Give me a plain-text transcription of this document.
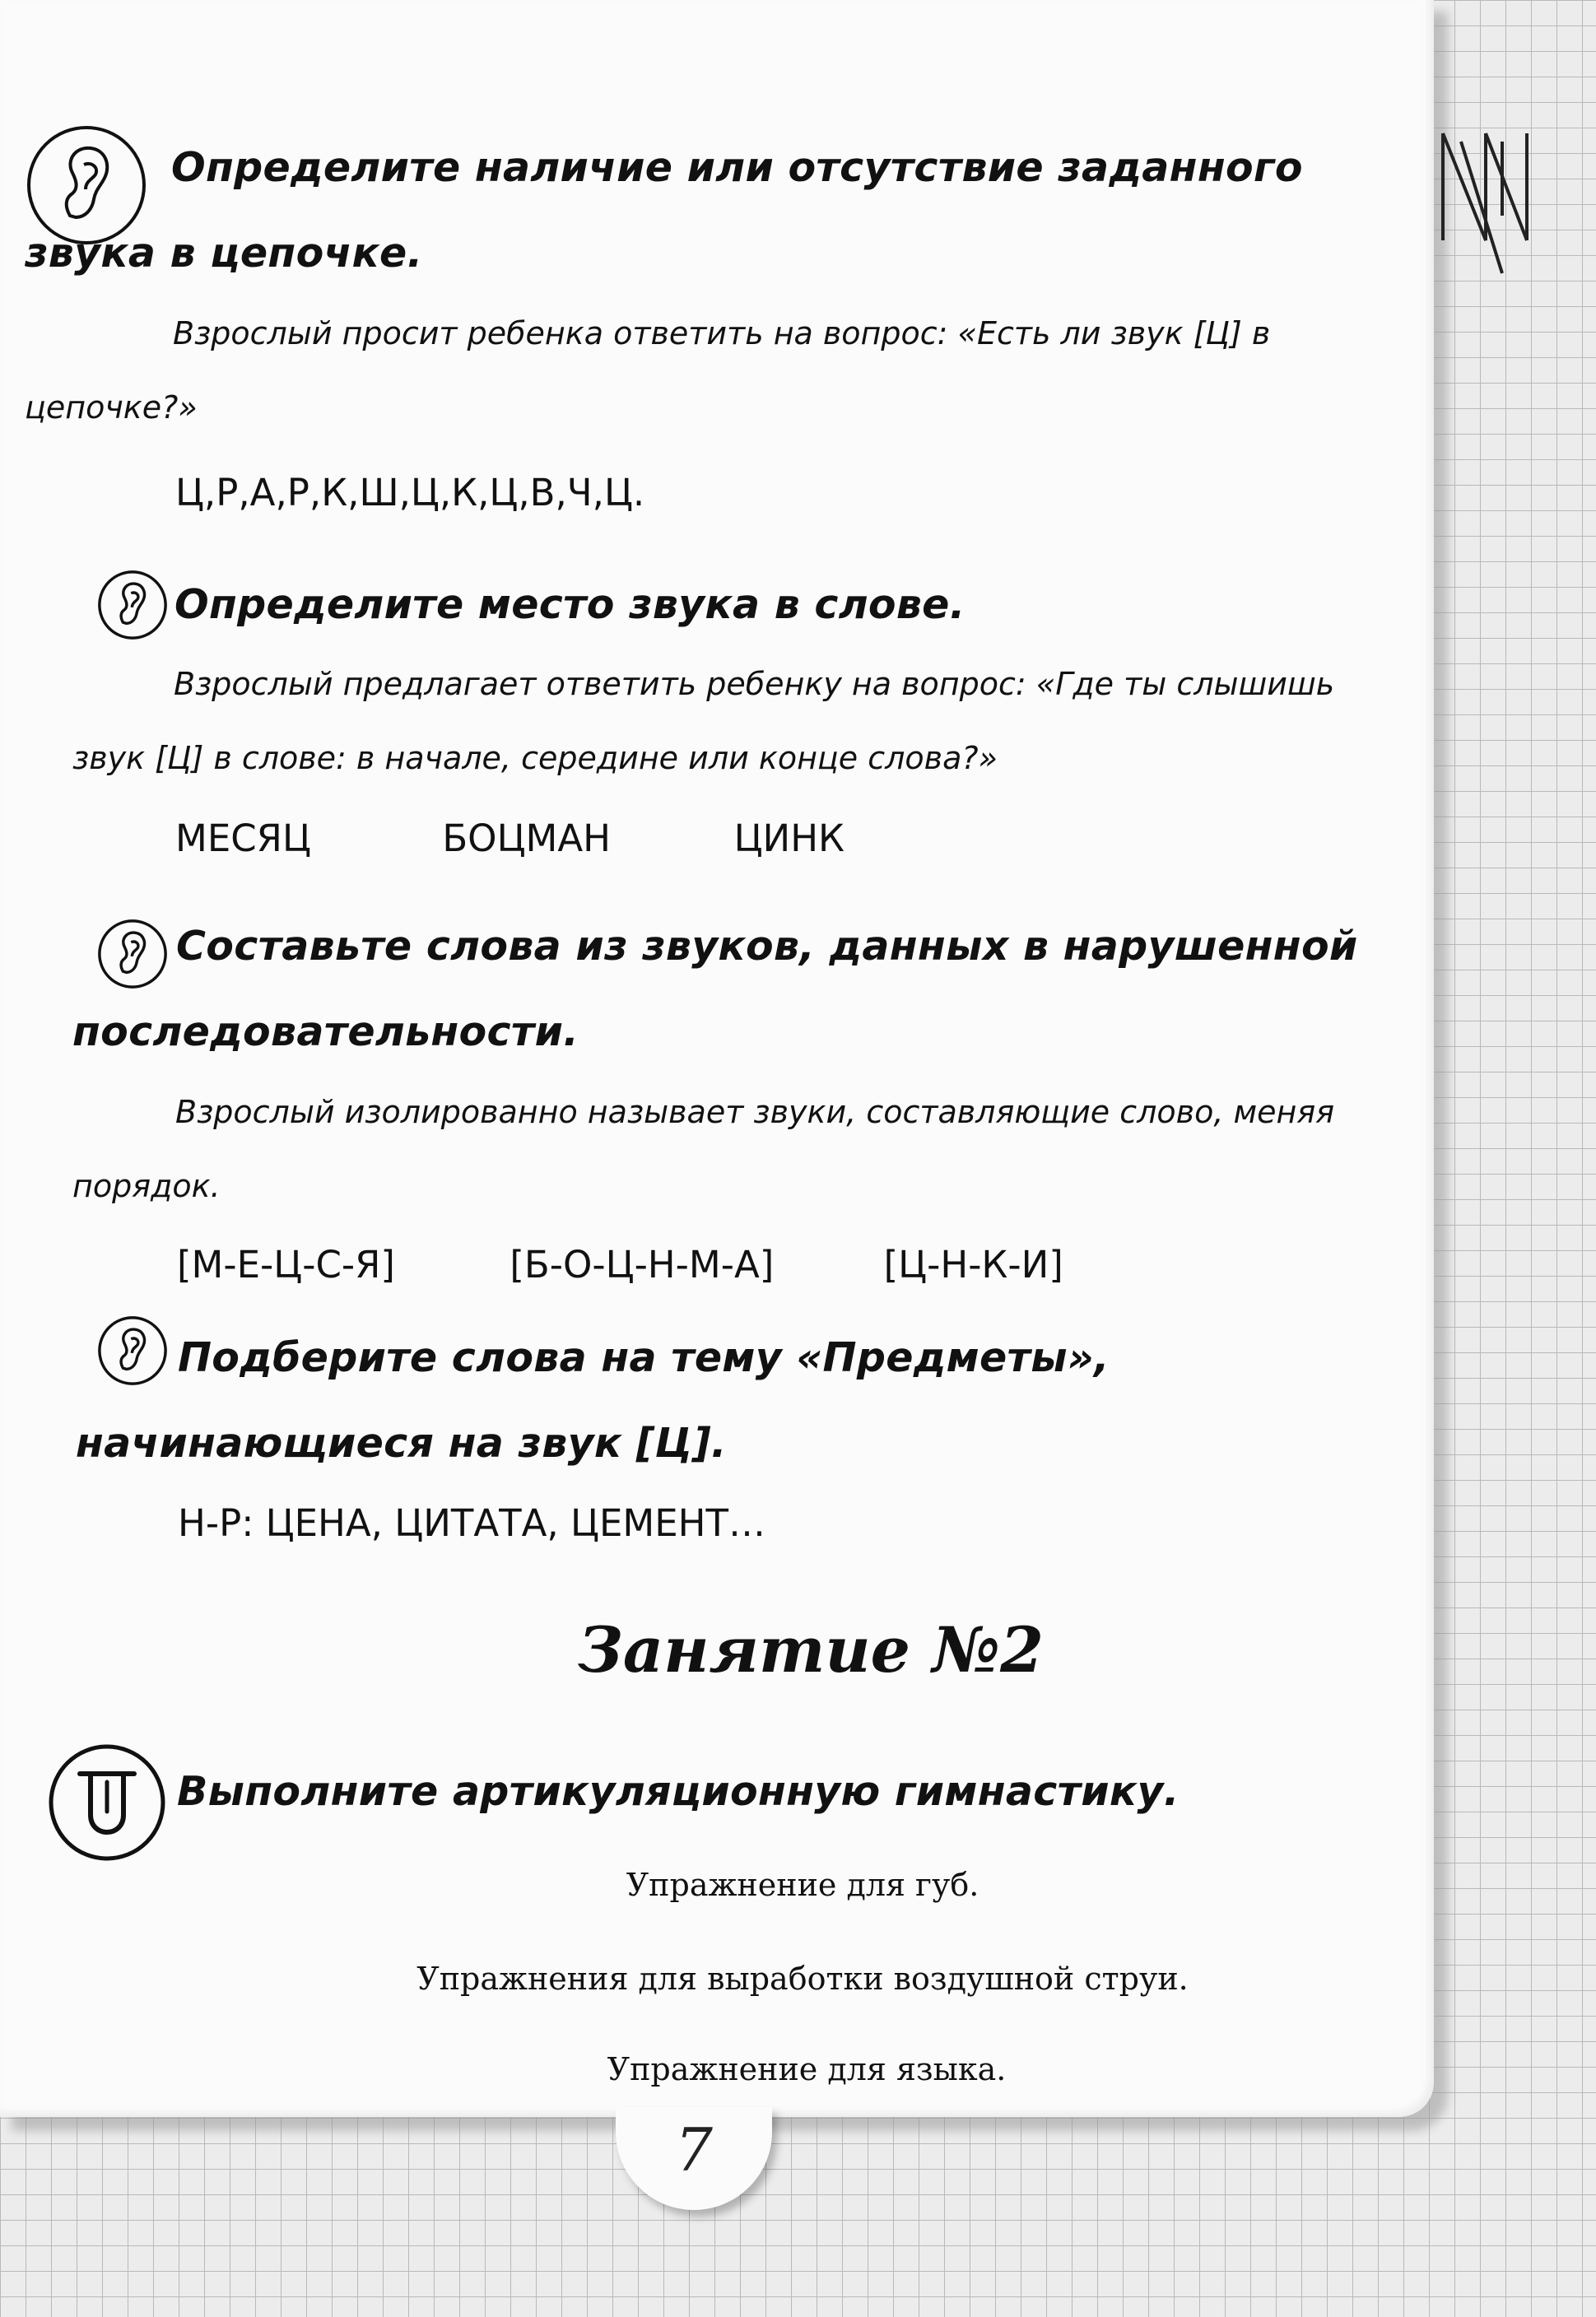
7
Определите наличие или отсутствие заданного звука в цепочке.

Взрослый просит ребенка ответить на вопрос: «Есть ли звук [Ц] в цепочке?»

Ц,Р,А,Р,К,Ш,Ц,К,Ц,В,Ч,Ц.
Определите место звука в слове.

Взрослый предлагает ответить ребенку на вопрос: «Где ты слышишь звук [Ц] в слове: в начале, середине или конце слова?»

МЕСЯЦ	БОЦМАН	ЦИНК
Составьте слова из звуков, данных в нарушенной последовательности.

Взрослый изолированно называет звуки, составляющие слово, меняя порядок.

[М-Е-Ц-С-Я]	[Б-О-Ц-Н-М-А]	[Ц-Н-К-И]
Подберите слова на тему «Предметы», начинающиеся на звук [Ц].
Н-Р: ЦЕНА, ЦИТАТА, ЦЕМЕНТ…
Занятие №2
Выполните артикуляционную гимнастику.
Упражнение для губ.
Упражнения для выработки воздушной струи.
Упражнение для языка.
